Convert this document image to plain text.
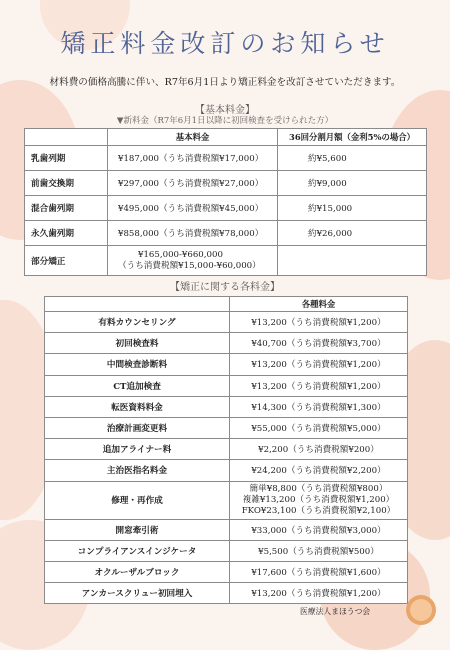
矯正料金改訂のお知らせ
材料費の価格高騰に伴い、R7年6月1日より矯正料金を改訂させていただきます。
【基本料金】
▼新料金（R7年6月1日以降に初回検査を受けられた方）
	基本料金	36回分割月額（金利5%の場合）
乳歯列期	¥187,000（うち消費税額¥17,000）	約¥5,600
前歯交換期	¥297,000（うち消費税額¥27,000）	約¥9,000
混合歯列期	¥495,000（うち消費税額¥45,000）	約¥15,000
永久歯列期	¥858,000（うち消費税額¥78,000）	約¥26,000
部分矯正	¥165,000-¥660,000
（うち消費税額¥15,000-¥60,000）	

【矯正に関する各料金】
	各種料金
有料カウンセリング	¥13,200（うち消費税額¥1,200）
初回検査料	¥40,700（うち消費税額¥3,700）
中間検査診断料	¥13,200（うち消費税額¥1,200）
CT追加検査	¥13,200（うち消費税額¥1,200）
転医資料料金	¥14,300（うち消費税額¥1,300）
治療計画変更料	¥55,000（うち消費税額¥5,000）
追加アライナー料	¥2,200（うち消費税額¥200）
主治医指名料金	¥24,200（うち消費税額¥2,200）
修理・再作成	簡単¥8,800（うち消費税額¥800）
複雑¥13,200（うち消費税額¥1,200）
FKO¥23,100（うち消費税額¥2,100）

開窓牽引術	¥33,000（うち消費税額¥3,000）
コンプライアンスインジケータ	¥5,500（うち消費税額¥500）
オクルーザルブロック	¥17,600（うち消費税額¥1,600）
アンカースクリュー初回埋入	¥13,200（うち消費税額¥1,200）
医療法人まほうつ会
